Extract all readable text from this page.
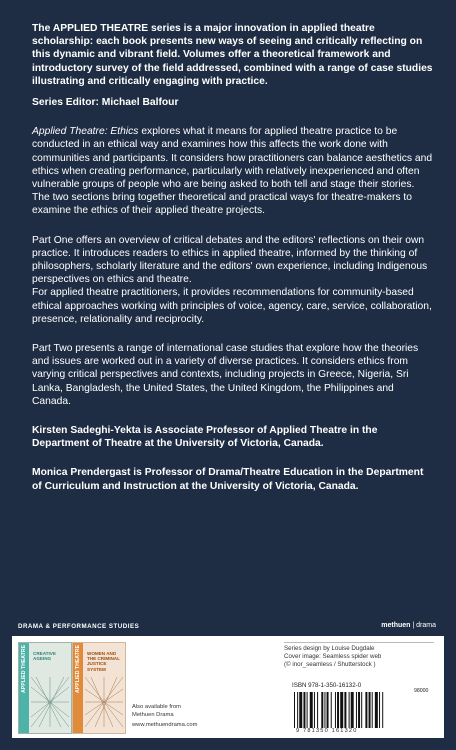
The APPLIED THEATRE series is a major innovation in applied theatre scholarship: each book presents new ways of seeing and critically reflecting on this dynamic and vibrant field. Volumes offer a theoretical framework and introductory survey of the field addressed, combined with a range of case studies illustrating and critically engaging with practice.

Series Editor: Michael Balfour

Applied Theatre: Ethics explores what it means for applied theatre practice to be conducted in an ethical way and examines how this affects the work done with communities and participants. It considers how practitioners can balance aesthetics and ethics when creating performance, particularly with relatively inexperienced and often vulnerable groups of people who are being asked to both tell and stage their stories. The two sections bring together theoretical and practical ways for theatre-makers to examine the ethics of their applied theatre projects.

Part One offers an overview of critical debates and the editors' reflections on their own practice. It introduces readers to ethics in applied theatre, informed by the thinking of philosophers, scholarly literature and the editors' own experience, including Indigenous perspectives on ethics and theatre.

For applied theatre practitioners, it provides recommendations for community-based ethical approaches working with principles of voice, agency, care, service, collaboration, presence, relationality and reciprocity.

Part Two presents a range of international case studies that explore how the theories and issues are worked out in a variety of diverse practices. It considers ethics from varying critical perspectives and contexts, including projects in Greece, Nigeria, Sri Lanka, Bangladesh, the United States, the United Kingdom, the Philippines and Canada.

Kirsten Sadeghi-Yekta is Associate Professor of Applied Theatre in the Department of Theatre at the University of Victoria, Canada.

Monica Prendergast is Professor of Drama/Theatre Education in the Department of Curriculum and Instruction at the University of Victoria, Canada.

DRAMA & PERFORMANCE STUDIES	methuen | drama
CREATIVE AGEING
WOMEN AND THE CRIMINAL JUSTICE SYSTEM
Also available from
Methuen Drama
www.methuendrama.com
Series design by Louise Dugdale
Cover image: Seamless spider web
(© inor_seamless / Shutterstock )
ISBN 978-1-350-16132-0
98000
9 781350 161320
